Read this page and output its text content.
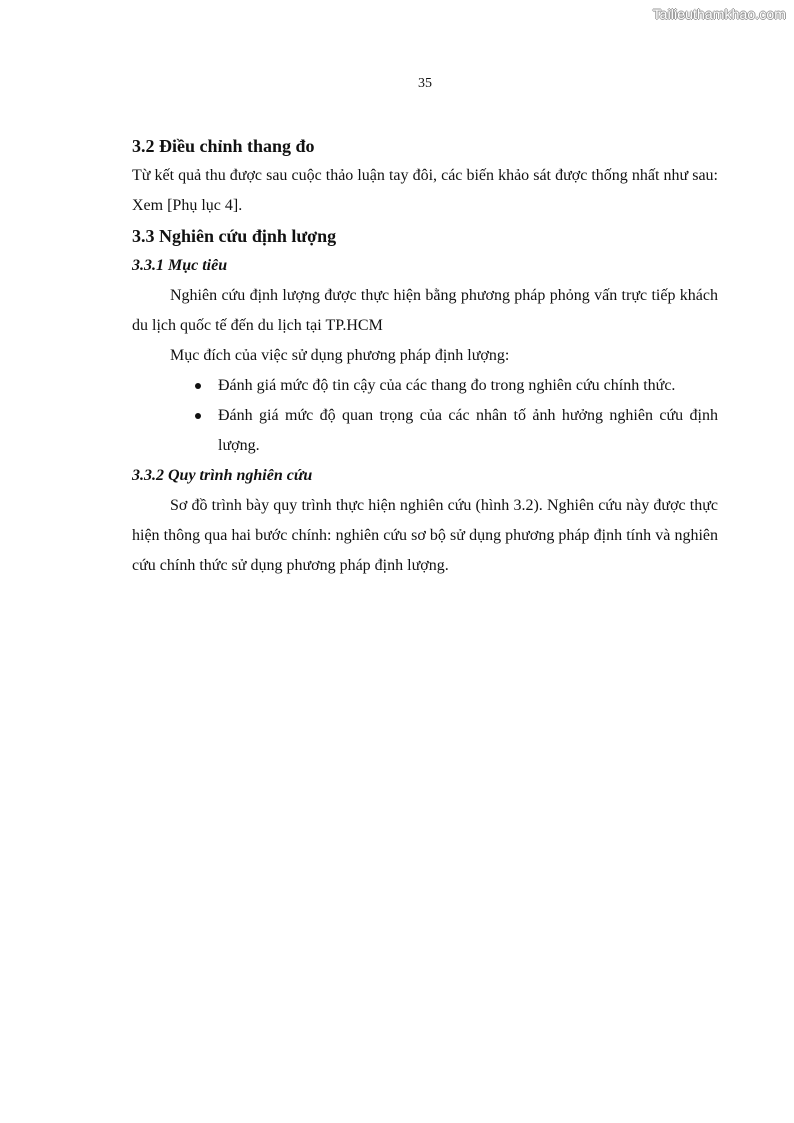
Tailieuthamkhao.com
35
3.2 Điều chỉnh thang đo

Từ kết quả thu được sau cuộc thảo luận tay đôi, các biến khảo sát được thống nhất như sau: Xem [Phụ lục 4].

3.3 Nghiên cứu định lượng
3.3.1 Mục tiêu

Nghiên cứu định lượng được thực hiện bằng phương pháp phỏng vấn trực tiếp khách du lịch quốc tế đến du lịch tại TP.HCM

Mục đích của việc sử dụng phương pháp định lượng:

Đánh giá mức độ tin cậy của các thang đo trong nghiên cứu chính thức.
Đánh giá mức độ quan trọng của các nhân tố ảnh hưởng nghiên cứu định lượng.
3.3.2 Quy trình nghiên cứu

Sơ đồ trình bày quy trình thực hiện nghiên cứu (hình 3.2). Nghiên cứu này được thực hiện thông qua hai bước chính: nghiên cứu sơ bộ sử dụng phương pháp định tính và nghiên cứu chính thức sử dụng phương pháp định lượng.
